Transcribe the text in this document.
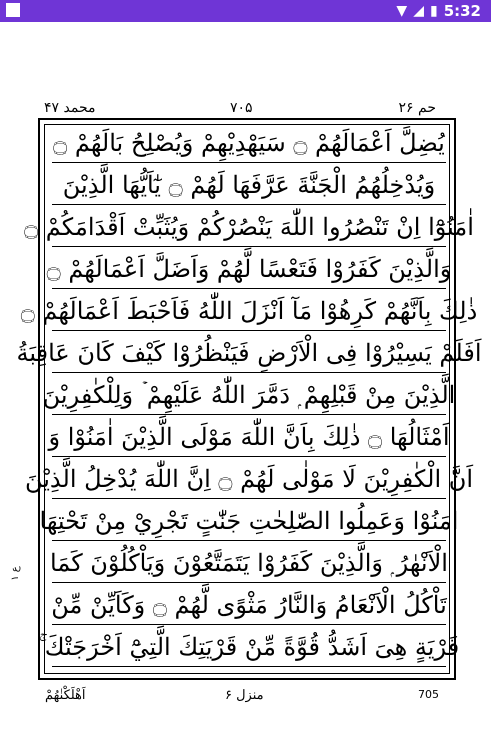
▼ ◢ ▮ 5:32
محمد ۴۷	۷۰۵	حم ۲۶
يُضِلَّ اَعْمَالَهُمْ ۝ سَيَهْدِيْهِمْ وَيُصْلِحُ بَالَهُمْ ۝
وَيُدْخِلُهُمُ الْجَنَّةَ عَرَّفَهَا لَهُمْ ۝ يٰٓاَيُّهَا الَّذِيْنَ
اٰمَنُوْٓا اِنْ تَنْصُرُوا اللّٰهَ يَنْصُرْكُمْ وَيُثَبِّتْ اَقْدَامَكُمْ ۝
وَالَّذِيْنَ كَفَرُوْا فَتَعْسًا لَّهُمْ وَاَضَلَّ اَعْمَالَهُمْ ۝
ذٰلِكَ بِاَنَّهُمْ كَرِهُوْا مَآ اَنْزَلَ اللّٰهُ فَاَحْبَطَ اَعْمَالَهُمْ ۝
اَفَلَمْ يَسِيْرُوْا فِى الْاَرْضِ فَيَنْظُرُوْا كَيْفَ كَانَ عَاقِبَةُ
الَّذِيْنَ مِنْ قَبْلِهِمْ ۭ دَمَّرَ اللّٰهُ عَلَيْهِمْ ۡ وَلِلْكٰفِرِيْنَ
اَمْثَالُهَا ۝ ذٰلِكَ بِاَنَّ اللّٰهَ مَوْلَى الَّذِيْنَ اٰمَنُوْا وَ
اَنَّ الْكٰفِرِيْنَ لَا مَوْلٰى لَهُمْ ۝ اِنَّ اللّٰهَ يُدْخِلُ الَّذِيْنَ
اٰمَنُوْا وَعَمِلُوا الصّٰلِحٰتِ جَنّٰتٍ تَجْرِيْ مِنْ تَحْتِهَا
الْاَنْهٰرُ ۭ وَالَّذِيْنَ كَفَرُوْا يَتَمَتَّعُوْنَ وَيَاْكُلُوْنَ كَمَا
تَاْكُلُ الْاَنْعَامُ وَالنَّارُ مَثْوًى لَّهُمْ ۝ وَكَاَيِّنْ مِّنْ
قَرْيَةٍ هِىَ اَشَدُّ قُوَّةً مِّنْ قَرْيَتِكَ الَّتِيْٓ اَخْرَجَتْكَ ۚ
ع ۱
اَهْلَكْنٰهُمْ	منزل ۶	705
